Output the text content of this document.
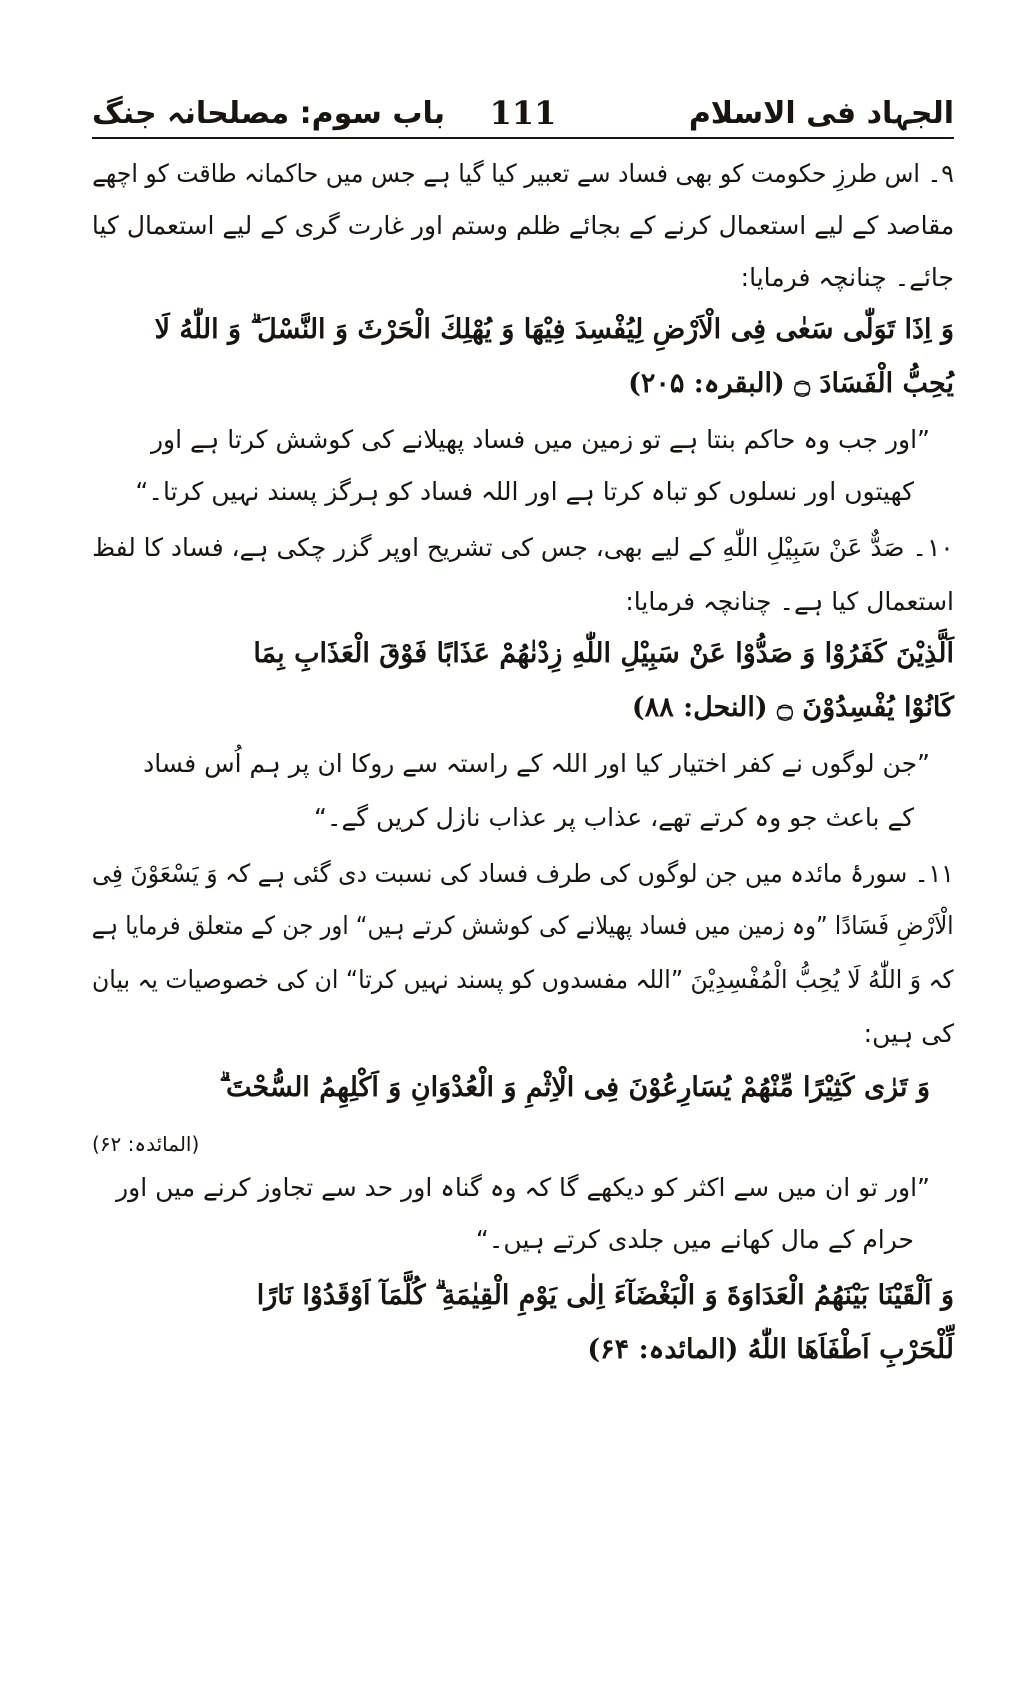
باب سوم: مصلحانہ جنگ	111	الجہاد فی الاسلام
۹۔ اس طرزِ حکومت کو بھی فساد سے تعبیر کیا گیا ہے جس میں حاکمانہ طاقت کو اچھے
مقاصد کے لیے استعمال کرنے کے بجائے ظلم وستم اور غارت گری کے لیے استعمال کیا
جائے۔ چنانچہ فرمایا:
وَ اِذَا تَوَلّٰى سَعٰى فِى الْاَرْضِ لِيُفْسِدَ فِيْهَا وَ يُهْلِكَ الْحَرْثَ وَ النَّسْلَ ۗ وَ اللّٰهُ لَا
يُحِبُّ الْفَسَادَ ۝ (البقرہ: ۲۰۵)
”اور جب وہ حاکم بنتا ہے تو زمین میں فساد پھیلانے کی کوشش کرتا ہے اور
کھیتوں اور نسلوں کو تباہ کرتا ہے اور اللہ فساد کو ہرگز پسند نہیں کرتا۔“
۱۰۔ صَدٌّ عَنْ سَبِيْلِ اللّٰهِ کے لیے بھی، جس کی تشریح اوپر گزر چکی ہے، فساد کا لفظ
استعمال کیا ہے۔ چنانچہ فرمایا:
اَلَّذِيْنَ كَفَرُوْا وَ صَدُّوْا عَنْ سَبِيْلِ اللّٰهِ زِدْنٰهُمْ عَذَابًا فَوْقَ الْعَذَابِ بِمَا
كَانُوْا يُفْسِدُوْنَ ۝ (النحل: ۸۸)
”جن لوگوں نے کفر اختیار کیا اور اللہ کے راستہ سے روکا ان پر ہم اُس فساد
کے باعث جو وہ کرتے تھے، عذاب پر عذاب نازل کریں گے۔“
۱۱۔ سورۂ مائدہ میں جن لوگوں کی طرف فساد کی نسبت دی گئی ہے کہ وَ يَسْعَوْنَ فِى
الْاَرْضِ فَسَادًا ”وہ زمین میں فساد پھیلانے کی کوشش کرتے ہیں“ اور جن کے متعلق فرمایا ہے
کہ وَ اللّٰهُ لَا يُحِبُّ الْمُفْسِدِيْنَ ”اللہ مفسدوں کو پسند نہیں کرتا“ ان کی خصوصیات یہ بیان
کی ہیں:
وَ تَرٰى كَثِيْرًا مِّنْهُمْ يُسَارِعُوْنَ فِى الْاِثْمِ وَ الْعُدْوَانِ وَ اَكْلِهِمُ السُّحْتَ ۗ
(المائدہ: ۶۲)
”اور تو ان میں سے اکثر کو دیکھے گا کہ وہ گناہ اور حد سے تجاوز کرنے میں اور
حرام کے مال کھانے میں جلدی کرتے ہیں۔“
وَ اَلْقَيْنَا بَيْنَهُمُ الْعَدَاوَةَ وَ الْبَغْضَآءَ اِلٰى يَوْمِ الْقِيٰمَةِ ۗ كُلَّمَآ اَوْقَدُوْا نَارًا
لِّلْحَرْبِ اَطْفَاَهَا اللّٰهُ (المائدہ: ۶۴)
